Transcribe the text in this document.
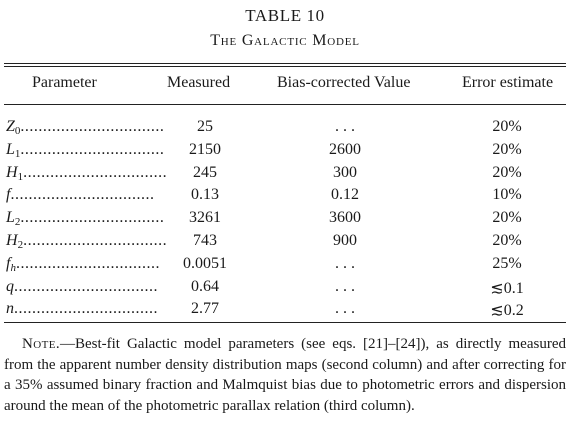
TABLE 10
The Galactic Model
Parameter	Measured	Bias-corrected Value	Error estimate
$Z_0$................................	25	. . .	20%
$L_1$................................	2150	2600	20%
$H_1$................................	245	300	20%
f................................	0.13	0.12	10%
$L_2$................................	3261	3600	20%
$H_2$................................	743	900	20%
$f_h$................................	0.0051	. . .	25%
q................................	0.64	. . .	≲0.1
n................................	2.77	. . .	≲0.2
Note.—Best-fit Galactic model parameters (see eqs. [21]–[24]), as directly measured from the apparent number density distribution maps (second column) and after correcting for a 35% assumed binary fraction and Malmquist bias due to photometric errors and dispersion around the mean of the photometric parallax relation (third column).
